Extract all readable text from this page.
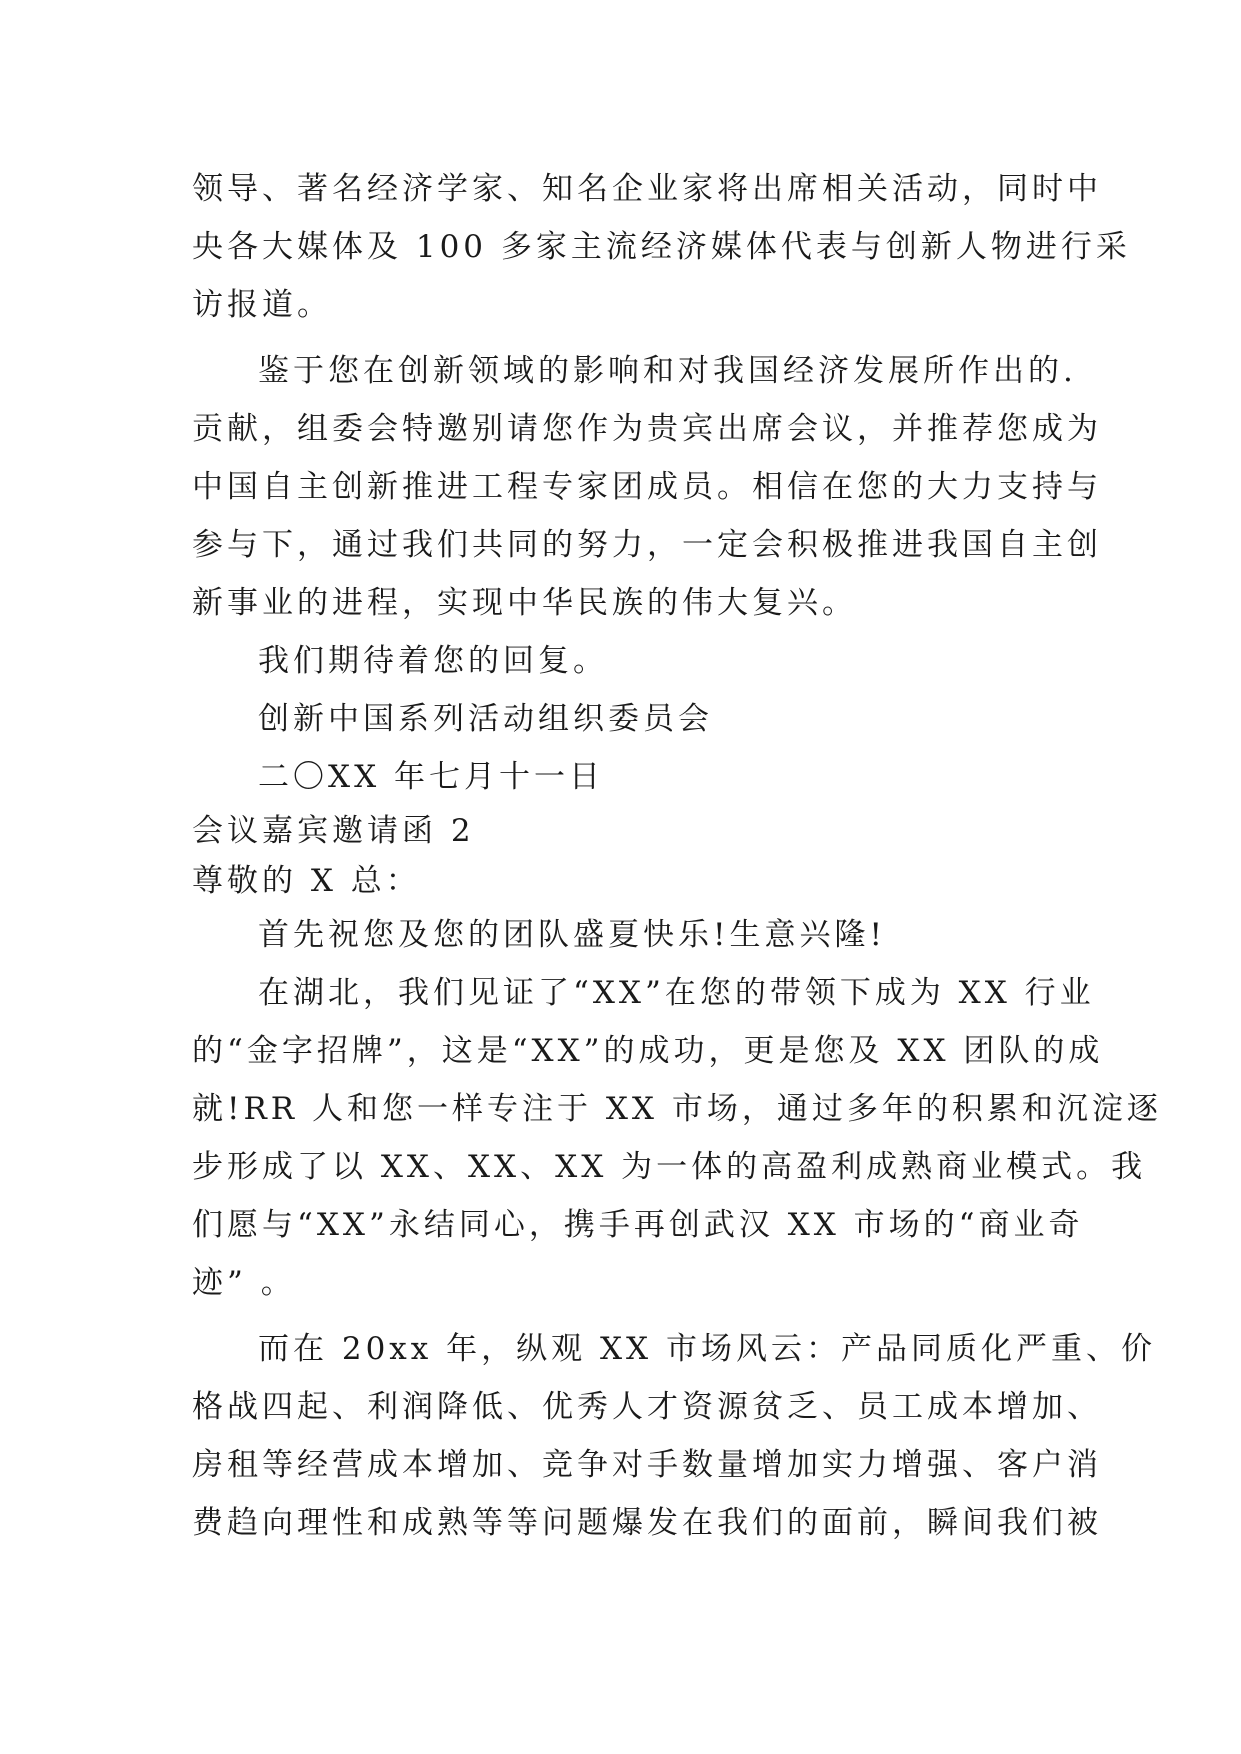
领导、著名经济学家、知名企业家将出席相关活动，同时中
央各大媒体及 100 多家主流经济媒体代表与创新人物进行采
访报道。
鉴于您在创新领域的影响和对我国经济发展所作出的.
贡献，组委会特邀别请您作为贵宾出席会议，并推荐您成为
中国自主创新推进工程专家团成员。相信在您的大力支持与
参与下，通过我们共同的努力，一定会积极推进我国自主创
新事业的进程，实现中华民族的伟大复兴。
我们期待着您的回复。
创新中国系列活动组织委员会
二〇XX 年七月十一日
会议嘉宾邀请函 2
尊敬的 X 总：
首先祝您及您的团队盛夏快乐!生意兴隆!
在湖北，我们见证了“XX”在您的带领下成为 XX 行业
的“金字招牌”，这是“XX”的成功，更是您及 XX 团队的成
就!RR 人和您一样专注于 XX 市场，通过多年的积累和沉淀逐
步形成了以 XX、XX、XX 为一体的高盈利成熟商业模式。我
们愿与“XX”永结同心，携手再创武汉 XX 市场的“商业奇
迹” 。
而在 20xx 年，纵观 XX 市场风云：产品同质化严重、价
格战四起、利润降低、优秀人才资源贫乏、员工成本增加、
房租等经营成本增加、竞争对手数量增加实力增强、客户消
费趋向理性和成熟等等问题爆发在我们的面前，瞬间我们被
